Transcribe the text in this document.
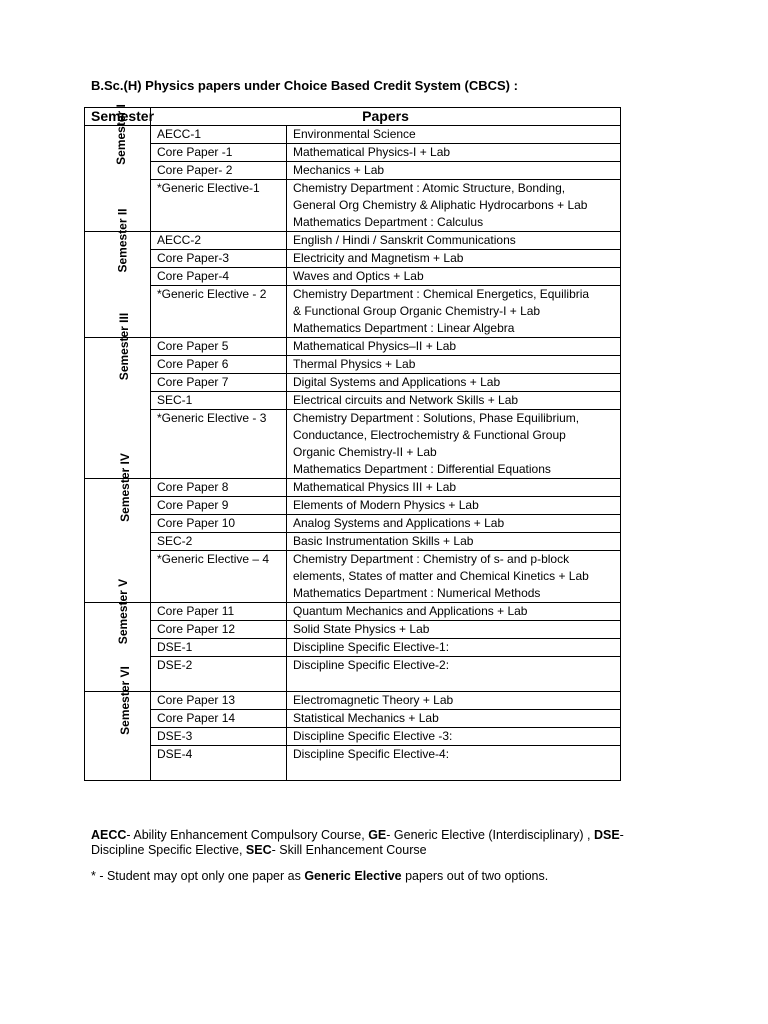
B.Sc.(H) Physics papers under Choice Based Credit System (CBCS) :
Semester	Papers	
Semester I	AECC-1	Environmental Science

	Core Paper -1	Mathematical Physics-I + Lab

	Core Paper- 2	Mechanics + Lab

	*Generic Elective-1	Chemistry Department : Atomic Structure, Bonding,
General Org Chemistry & Aliphatic Hydrocarbons + Lab
Mathematics Department : Calculus

Semester II	AECC-2	English / Hindi / Sanskrit Communications

	Core Paper-3	Electricity and Magnetism + Lab

	Core Paper-4	Waves and Optics + Lab

	*Generic Elective - 2	Chemistry Department : Chemical Energetics, Equilibria
& Functional Group Organic Chemistry-I + Lab
Mathematics Department : Linear Algebra

Semester III	Core Paper 5	Mathematical Physics–II + Lab

	Core Paper 6	Thermal Physics + Lab

	Core Paper 7	Digital Systems and Applications + Lab

	SEC-1	Electrical circuits and Network Skills + Lab

	*Generic Elective - 3	Chemistry Department : Solutions, Phase Equilibrium,
Conductance, Electrochemistry & Functional Group
Organic Chemistry-II + Lab
Mathematics Department : Differential Equations

Semester IV	Core Paper 8	Mathematical Physics III + Lab

	Core Paper 9	Elements of Modern Physics + Lab

	Core Paper 10	Analog Systems and Applications + Lab

	SEC-2	Basic Instrumentation Skills + Lab

	*Generic Elective – 4	Chemistry Department : Chemistry of s- and p-block
elements, States of matter and Chemical Kinetics + Lab
Mathematics Department : Numerical Methods

Semester V	Core Paper 11	Quantum Mechanics and Applications + Lab

	Core Paper 12	Solid State Physics + Lab

	DSE-1	Discipline Specific Elective-1:

	DSE-2	Discipline Specific Elective-2:

Semester VI	Core Paper 13	Electromagnetic Theory + Lab

	Core Paper 14	Statistical Mechanics + Lab

	DSE-3	Discipline Specific Elective -3:

	DSE-4	Discipline Specific Elective-4:

AECC- Ability Enhancement Compulsory Course, GE- Generic Elective (Interdisciplinary) , DSE- Discipline Specific Elective, SEC- Skill Enhancement Course
* - Student may opt only one paper as Generic Elective papers out of two options.
